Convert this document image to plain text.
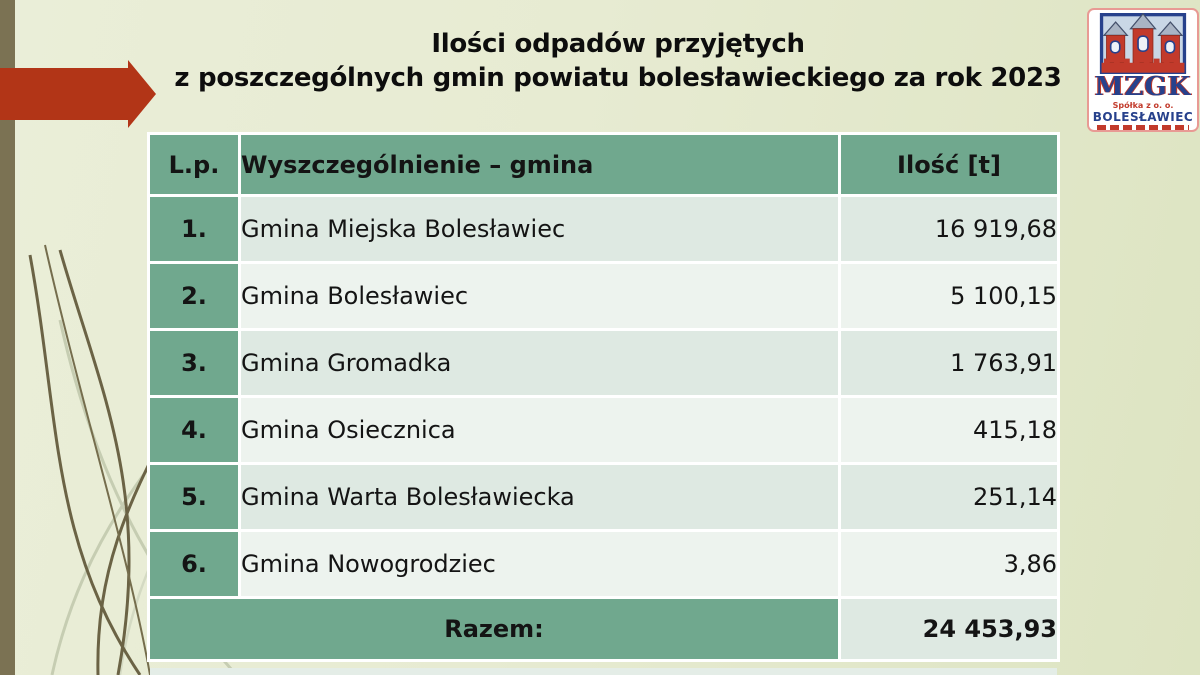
Ilości odpadów przyjętych
z poszczególnych gmin powiatu bolesławieckiego za rok 2023	MZGK
Spółka z o. o.
BOLESŁAWIEC
L.p.	Wyszczególnienie – gmina	Ilość [t]
1.	Gmina Miejska Bolesławiec	16 919,68
2.	Gmina Bolesławiec	5 100,15
3.	Gmina Gromadka	1 763,91
4.	Gmina Osiecznica	415,18
5.	Gmina Warta Bolesławiecka	251,14
6.	Gmina Nowogrodziec	3,86
Razem:		24 453,93
